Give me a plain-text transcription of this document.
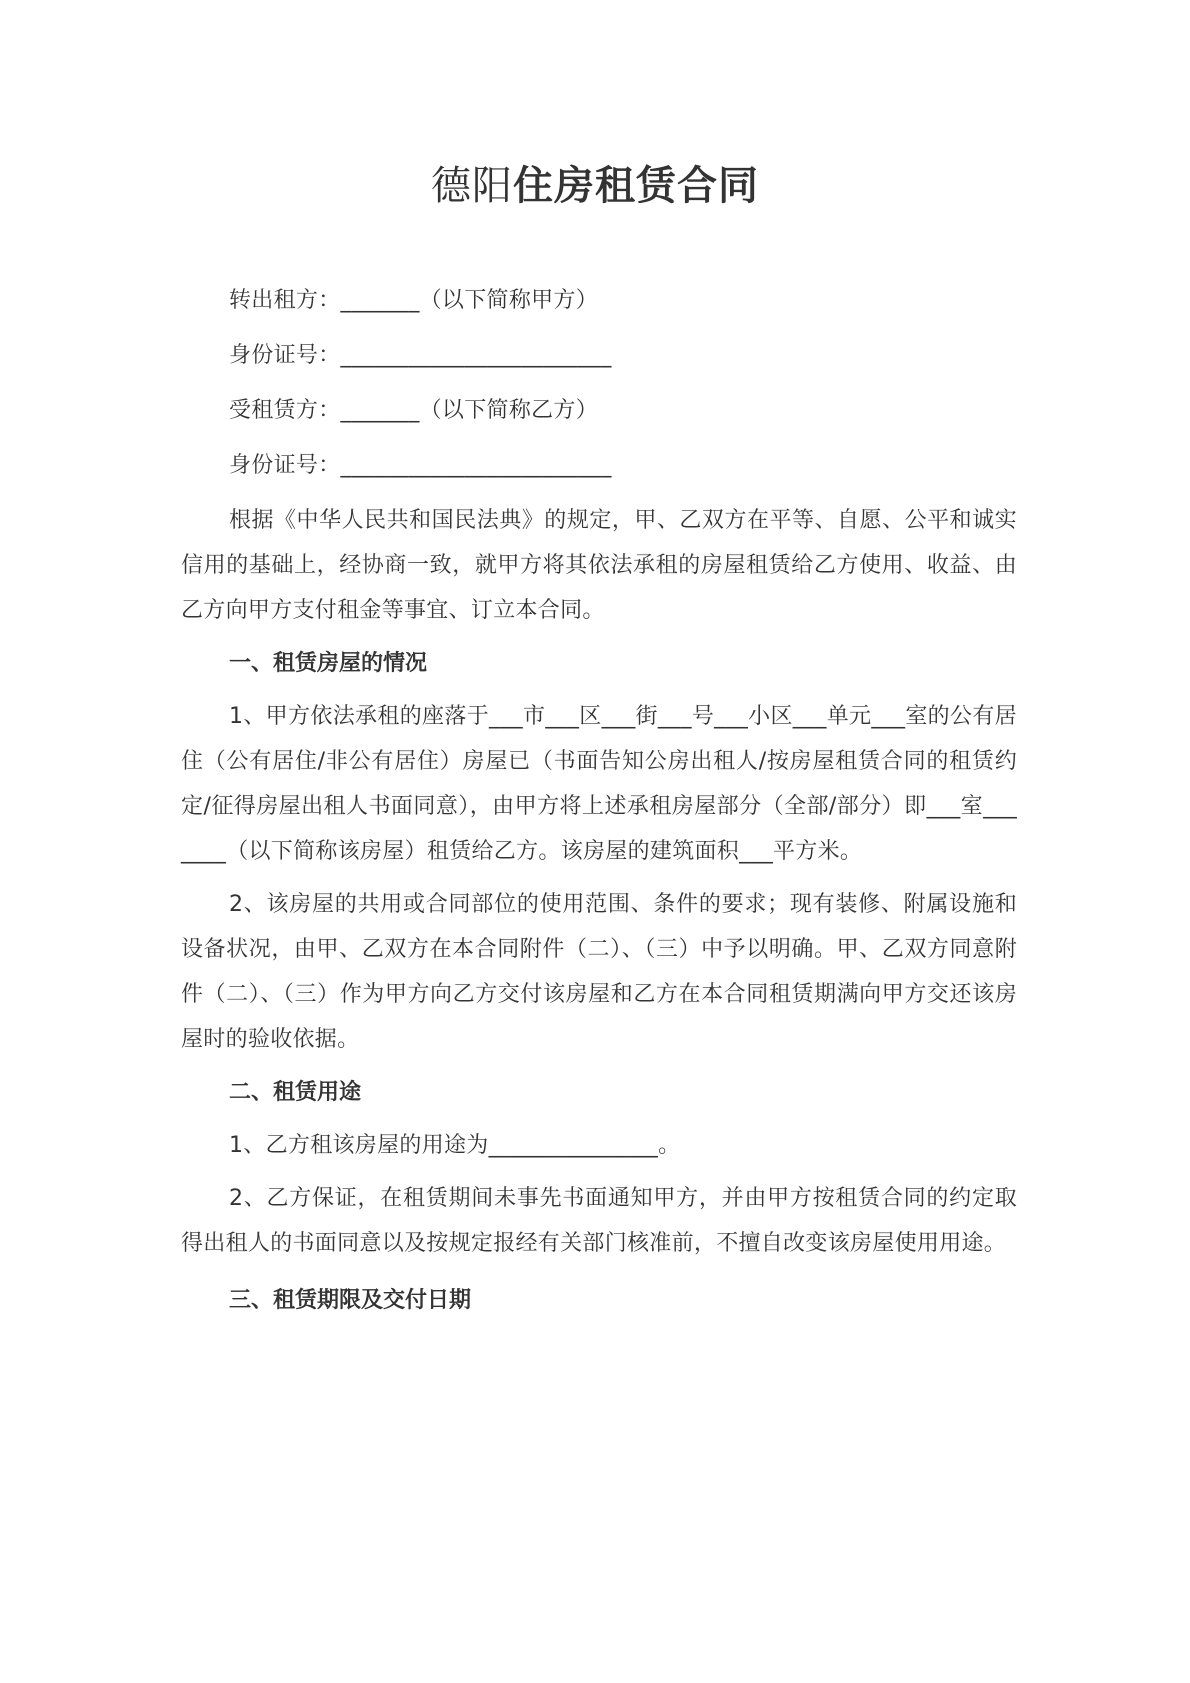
德阳住房租赁合同
转出租方：_______（以下简称甲方）
身份证号：________________________
受租赁方：_______（以下简称乙方）
身份证号：________________________

根据《中华人民共和国民法典》的规定，甲、乙双方在平等、自愿、公平和诚实信用的基础上，经协商一致，就甲方将其依法承租的房屋租赁给乙方使用、收益、由乙方向甲方支付租金等事宜、订立本合同。

一、租赁房屋的情况

1、甲方依法承租的座落于___市___区___街___号___小区___单元___室的公有居住（公有居住/非公有居住）房屋已（书面告知公房出租人/按房屋租赁合同的租赁约定/征得房屋出租人书面同意），由甲方将上述承租房屋部分（全部/部分）即___室_______（以下简称该房屋）租赁给乙方。该房屋的建筑面积___平方米。

2、该房屋的共用或合同部位的使用范围、条件的要求；现有装修、附属设施和设备状况，由甲、乙双方在本合同附件（二）、（三）中予以明确。甲、乙双方同意附件（二）、（三）作为甲方向乙方交付该房屋和乙方在本合同租赁期满向甲方交还该房屋时的验收依据。

二、租赁用途

1、乙方租该房屋的用途为_______________。

2、乙方保证，在租赁期间未事先书面通知甲方，并由甲方按租赁合同的约定取得出租人的书面同意以及按规定报经有关部门核准前，不擅自改变该房屋使用用途。

三、租赁期限及交付日期
